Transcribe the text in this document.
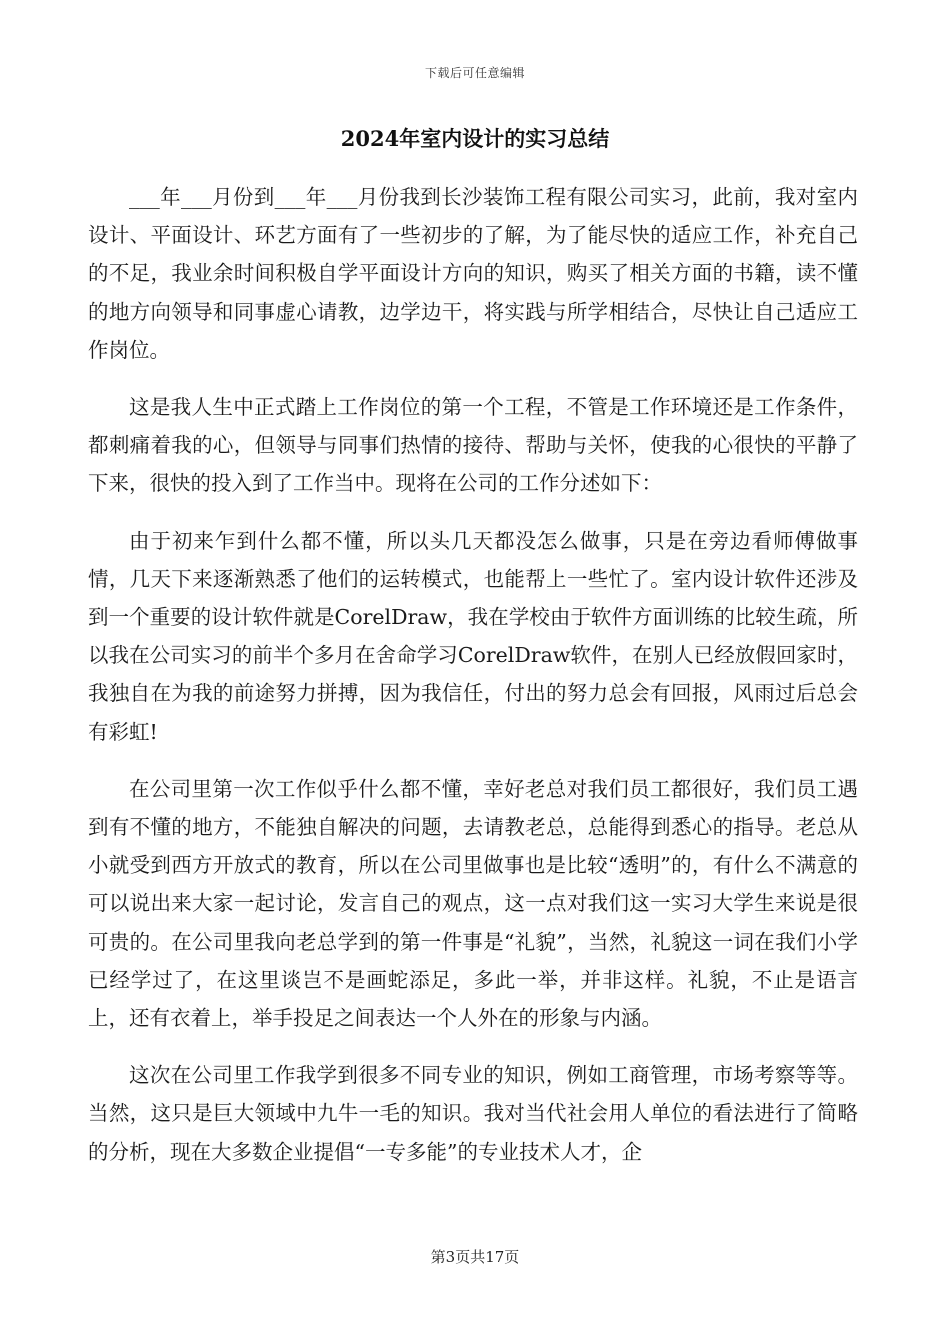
下载后可任意编辑
2024年室内设计的实习总结

___年___月份到___年___月份我到长沙装饰工程有限公司实习，此前，我对室内设计、平面设计、环艺方面有了一些初步的了解，为了能尽快的适应工作，补充自己的不足，我业余时间积极自学平面设计方向的知识，购买了相关方面的书籍，读不懂的地方向领导和同事虚心请教，边学边干，将实践与所学相结合，尽快让自己适应工作岗位。

这是我人生中正式踏上工作岗位的第一个工程，不管是工作环境还是工作条件，都刺痛着我的心，但领导与同事们热情的接待、帮助与关怀，使我的心很快的平静了下来，很快的投入到了工作当中。现将在公司的工作分述如下：

由于初来乍到什么都不懂，所以头几天都没怎么做事，只是在旁边看师傅做事情，几天下来逐渐熟悉了他们的运转模式，也能帮上一些忙了。室内设计软件还涉及到一个重要的设计软件就是CorelDraw，我在学校由于软件方面训练的比较生疏，所以我在公司实习的前半个多月在舍命学习CorelDraw软件，在别人已经放假回家时，我独自在为我的前途努力拼搏，因为我信任，付出的努力总会有回报，风雨过后总会有彩虹!

在公司里第一次工作似乎什么都不懂，幸好老总对我们员工都很好，我们员工遇到有不懂的地方，不能独自解决的问题，去请教老总，总能得到悉心的指导。老总从小就受到西方开放式的教育，所以在公司里做事也是比较“透明”的，有什么不满意的可以说出来大家一起讨论，发言自己的观点，这一点对我们这一实习大学生来说是很可贵的。在公司里我向老总学到的第一件事是“礼貌”，当然，礼貌这一词在我们小学已经学过了，在这里谈岂不是画蛇添足，多此一举，并非这样。礼貌，不止是语言上，还有衣着上，举手投足之间表达一个人外在的形象与内涵。

这次在公司里工作我学到很多不同专业的知识，例如工商管理，市场考察等等。当然，这只是巨大领域中九牛一毛的知识。我对当代社会用人单位的看法进行了简略的分析，现在大多数企业提倡“一专多能”的专业技术人才，企

第3页共17页
